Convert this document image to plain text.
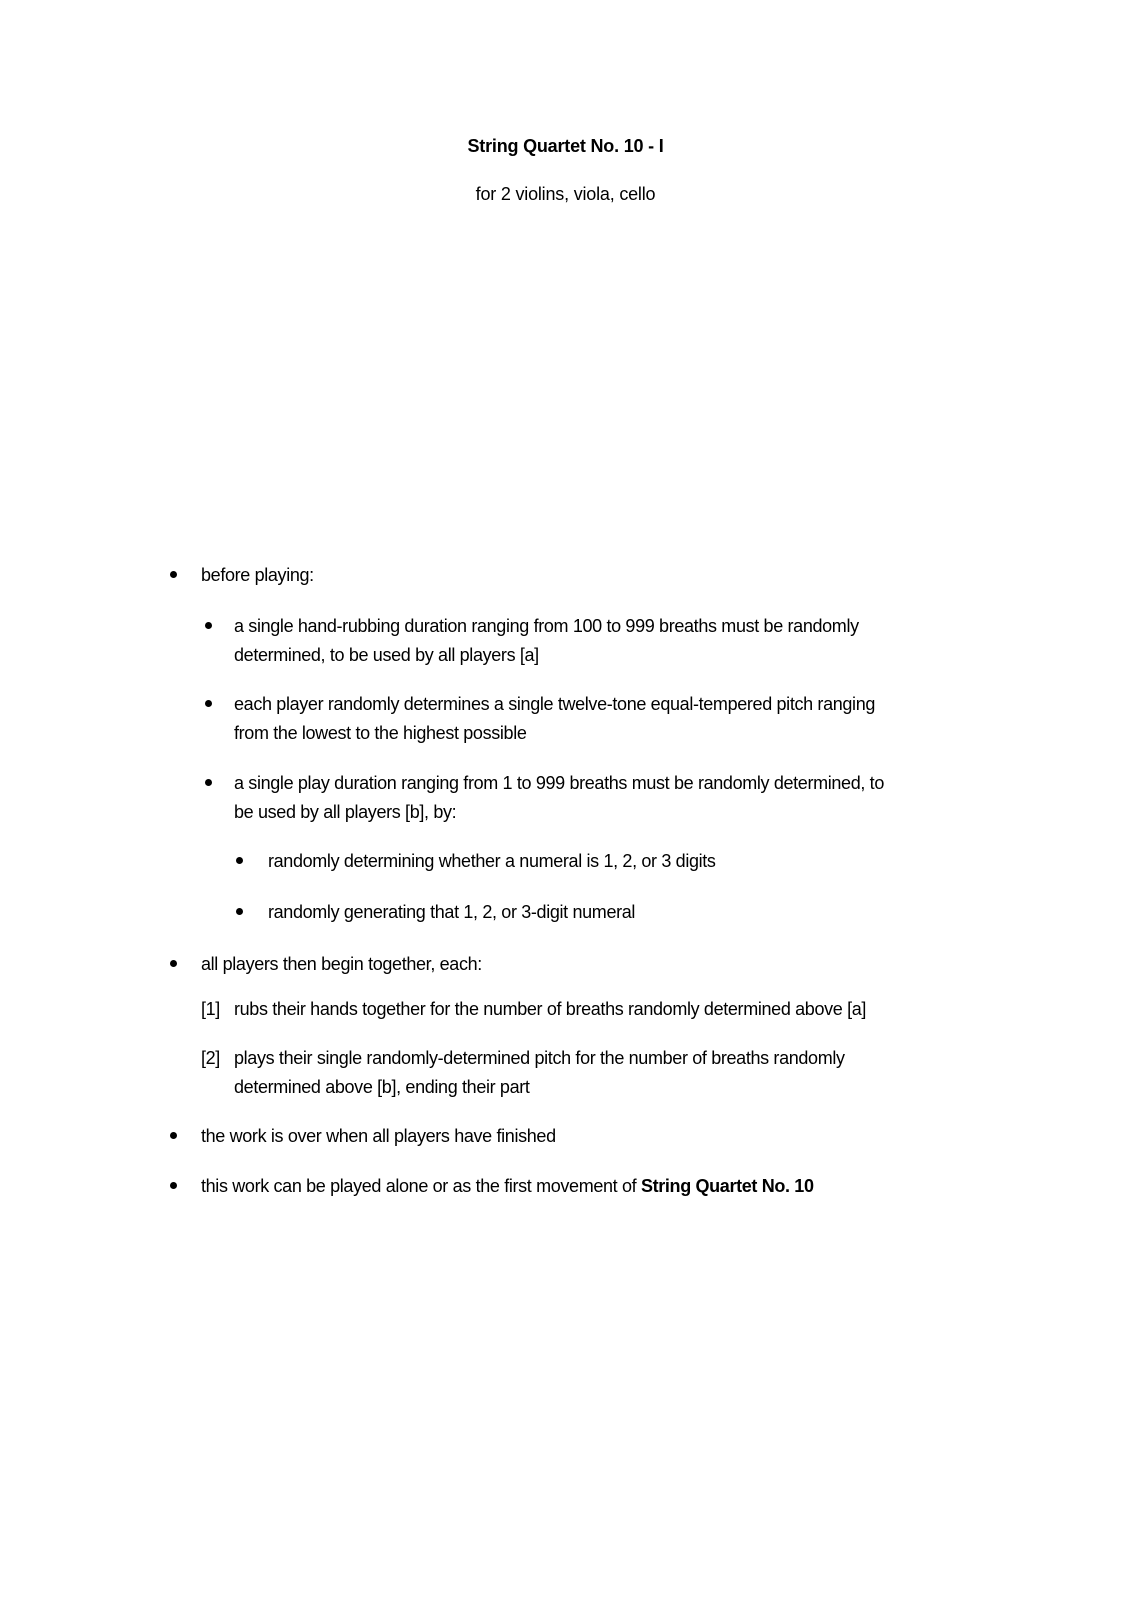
String Quartet No. 10 - I
for 2 violins, viola, cello
before playing:
a single hand-rubbing duration ranging from 100 to 999 breaths must be randomly
determined, to be used by all players [a]
each player randomly determines a single twelve-tone equal-tempered pitch ranging
from the lowest to the highest possible
a single play duration ranging from 1 to 999 breaths must be randomly determined, to
be used by all players [b], by:
randomly determining whether a numeral is 1, 2, or 3 digits
randomly generating that 1, 2, or 3-digit numeral
all players then begin together, each:
[1] rubs their hands together for the number of breaths randomly determined above [a]
[2] plays their single randomly-determined pitch for the number of breaths randomly
determined above [b], ending their part
the work is over when all players have finished
this work can be played alone or as the first movement of String Quartet No. 10
